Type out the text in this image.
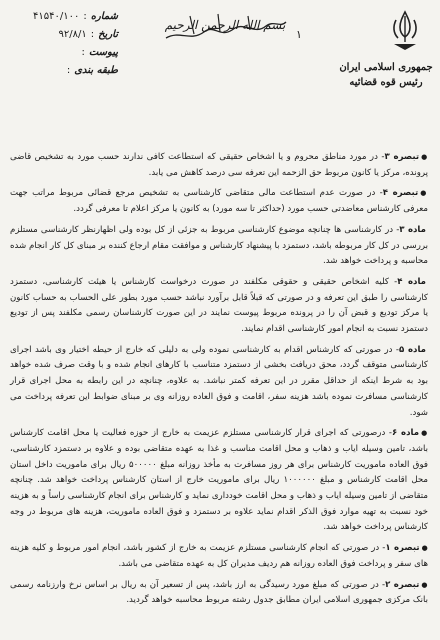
جمهوری اسلامی ایران
رئیس قوه قضائیه
بسم الله الرحمن الرحیم
۱
شماره
:
۴۱۵۴۰/۱۰۰
تاریخ
:
۹۲/۸/۱
پیوست
:
طبقه بندی
:

●تبصره ۳- در مورد مناطق محروم و یا اشخاص حقیقی که استطاعت کافی ندارند حسب مورد به تشخیص قاضی پرونده، مرکز یا کانون مربوط حق الزحمه این تعرفه سی درصد کاهش می یابد.

●تبصره ۴- در صورت عدم استطاعت مالی متقاضی کارشناسی به تشخیص مرجع قضائی مربوط مراتب جهت معرفی کارشناس معاضدتی حسب مورد (حداکثر تا سه مورد) به کانون یا مرکز اعلام تا معرفی گردد.

ماده ۳- در کارشناسی ها چنانچه موضوع کارشناسی مربوط به جزئی از کل بوده ولی اظهارنظر کارشناسی مستلزم بررسی در کل کار مربوطه باشد، دستمزد با پیشنهاد کارشناس و موافقت مقام ارجاع کننده بر مبنای کل کار انجام شده محاسبه و پرداخت خواهد شد.

ماده ۴- کلیه اشخاص حقیقی و حقوقی مکلفند در صورت درخواست کارشناس یا هیئت کارشناسی، دستمزد کارشناسی را طبق این تعرفه و در صورتی که قبلاً قابل برآورد نباشد حسب مورد بطور علی الحساب به حساب کانون یا مرکز تودیع و قبض آن را در پرونده مربوط پیوست نمایند در این صورت کارشناسان رسمی مکلفند پس از تودیع دستمزد نسبت به انجام امور کارشناسی اقدام نمایند.

ماده ۵- در صورتی که کارشناس اقدام به کارشناسی نموده ولی به دلیلی که خارج از حیطه اختیار وی باشد اجرای کارشناسی متوقف گردد، محق دریافت بخشی از دستمزد متناسب با کارهای انجام شده و با وقت صرف شده خواهد بود به شرط اینکه از حداقل مقرر در این تعرفه کمتر نباشد. به علاوه، چنانچه در این رابطه به محل اجرای قرار کارشناسی مسافرت نموده باشد هزینه سفر، اقامت و فوق العاده روزانه وی بر مبنای ضوابط این تعرفه پرداخت می شود.

●ماده ۶- درصورتی که اجرای قرار کارشناسی مستلزم عزیمت به خارج از حوزه فعالیت یا محل اقامت کارشناس باشد، تامین وسیله ایاب و ذهاب و محل اقامت مناسب و غذا به عهده متقاضی بوده و علاوه بر دستمزد کارشناسی، فوق العاده ماموریت کارشناس برای هر روز مسافرت به مأخذ روزانه مبلغ ۵۰۰۰۰۰ ریال برای ماموریت داخل استان محل اقامت کارشناس و مبلغ ۱۰۰۰۰۰۰ ریال برای ماموریت خارج از استان کارشناس پرداخت خواهد شد. چنانچه متقاضی از تامین وسیله ایاب و ذهاب و محل اقامت خودداری نماید و کارشناس برای انجام کارشناسی راساً و به هزینه خود نسبت به تهیه موارد فوق الذکر اقدام نماید علاوه بر دستمزد و فوق العاده ماموریت، هزینه های مربوط در وجه کارشناس پرداخت خواهد شد.

●تبصره ۱- در صورتی که انجام کارشناسی مستلزم عزیمت به خارج از کشور باشد، انجام امور مربوط و کلیه هزینه های سفر و پرداخت فوق العاده روزانه هم ردیف مدیران کل به عهده متقاضی می باشد.

●تبصره ۲- در صورتی که مبلغ مورد رسیدگی به ارز باشد، پس از تسعیر آن به ریال بر اساس نرخ وارزنامه رسمی بانک مرکزی جمهوری اسلامی ایران مطابق جدول رشته مربوط محاسبه خواهد گردید.
